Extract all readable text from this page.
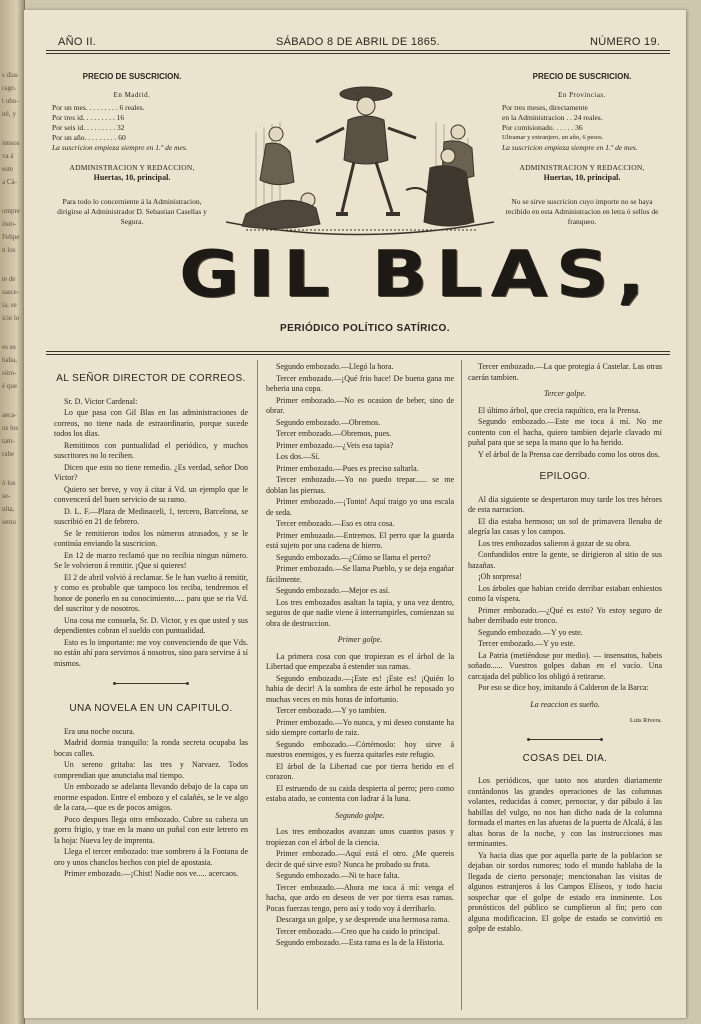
s dias
rago.
t uho-
tel, y
iensos
va á
este
a Cá-
ompre
iisto-
Felipe
n los
te de
sasce-
ia; se
icie lo
es su
haba,
sóro-
é que
aeca-
os los
tam-
rabe
ó los
se-
ulta,
iento
AÑO II.	SÁBADO 8 DE ABRIL DE 1865.	NÚMERO 19.
PRECIO DE SUSCRICION.
En Madrid.
Por un mes. . . . . . . . . 6 reales.
Por tres id. . . . . . . . . 16
Por seis id. . . . . . . . . 32
Por un año. . . . . . . . . 60
La suscricion empieza siempre en 1.º de mes.
ADMINISTRACION Y REDACCION,
Huertas, 10, principal.
Para todo lo concerniente á la Administracion, dirigirse al Administrador D. Sebastian Casellas y Segura.
PRECIO DE SUSCRICION.
En Provincias.
Por tres meses, directamente
en la Administracion . . 24 reales.
Por comisionado. . . . . . 36
Ultramar y extranjero, un año, 6 pesos.
La suscricion empieza siempre en 1.º de mes.
ADMINISTRACION Y REDACCION,
Huertas, 10, principal.
No se sirve suscricion cuyo importe no se haya recibido en esta Administracion en letra ó sellos de franqueo.
GIL BLAS,
PERIÓDICO POLÍTICO SATÍRICO.
AL SEÑOR DIRECTOR DE CORREOS.

Sr. D. Victor Cardenal:

Lo que pasa con Gil Blas en las administraciones de correos, no tiene nada de estraordinario, porque sucede todos los dias.

Remitimos con puntualidad el periódico, y muchos suscritores no lo reciben.

Dicen que esto no tiene remedio. ¿Es verdad, señor Don Victor?

Quiero ser breve, y voy á citar á Vd. un ejemplo que le convencerá del buen servicio de su ramo.

D. L. F.—Plaza de Medinaceli, 1, tercero, Barcelona, se suscribió en 21 de febrero.

Se le remitieron todos los números atrasados, y se le continúa enviando la suscricion.

En 12 de marzo reclamó que no recibia ningun número. Se le volvieron á remitir. ¡Que si quieres!

El 2 de abril volvió á reclamar. Se le han vuelto á remitir, y como es probable que tampoco los reciba, tendremos el honor de ponerlo en su conocimiento..... para que se ria Vd. del suscritor y de nosotros.

Una cosa me consuela, Sr. D. Victor, y es que usted y sus dependientes cobran el sueldo con puntualidad.

Esto es lo importante: me voy convenciendo de que Vds. no están ahí para servirnos á nosotros, sino para servirse á sí mismos.

UNA NOVELA EN UN CAPITULO.

Era una noche oscura.

Madrid dormia tranquilo: la ronda secreta ocupaba las bocas calles.

Un sereno gritaba: las tres y Narvaez. Todos comprendian que anunciaba mal tiempo.

Un embozado se adelanta llevando debajo de la capa un enorme espadon. Entre el embozo y el calañés, se le ve algo de la cara,—que es de pocos amigos.

Poco despues llega otro embozado. Cubre su cabeza un gorro frigio, y trae en la mano un puñal con este letrero en la hoja: Nueva ley de imprenta.

Llega el tercer embozado: trae sombrero á la Fontana de oro y unos chanclos hechos con piel de apostasia.

Primer embozado.—¡Chist! Nadie nos ve..... acercaos.

Segundo embozado.—Llegó la hora.

Tercer embozado.—¡Qué frio hace! De buena gana me beberia una copa.

Primer embozado.—No es ocasion de beber, sino de obrar.

Segundo embozado.—Obremos.

Tercer embozado.—Obremos, pues.

Primer embozado.—¿Veis esa tapia?

Los dos.—Sí.

Primer embozado.—Pues es preciso saltarla.

Tercer embozado.—Yo no puedo trepar...... se me doblan las piernas.

Primer embozado.—¡Tonto! Aquí traigo yo una escala de seda.

Tercer embozado.—Eso es otra cosa.

Primer embozado.—Entremos. El perro que la guarda está sujeto por una cadena de hierro.

Segundo embozado.—¿Cómo se llama el perro?

Primer embozado.—Se llama Pueblo, y se deja engañar fácilmente.

Segundo embozado.—Mejor es así.

Los tres embozados asaltan la tapia, y una vez dentro, seguros de que nadie viene á interrumpirles, comienzan su obra de destruccion.

Primer golpe.

La primera cosa con que tropiezan es el árbol de la Libertad que empezaba á estender sus ramas.

Segundo embozado.—¡Este es! ¡Este es! ¡Quién lo habia de decir! A la sombra de este árbol he reposado yo muchas veces en mis horas de infortunio.

Tercer embozado.—Y yo tambien.

Primer embozado.—Yo nunca, y mi deseo constante ha sido siempre cortarlo de raiz.

Segundo embozado.—Córtémoslo: hoy sirve á nuestros enemigos, y es fuerza quitarles este refugio.

El árbol de la Libertad cae por tierra herido en el corazon.

El estruendo de su caida despierta al perro; pero como estaba atado, se contenta con ladrar á la luna.

Segundo golpe.

Los tres embozados avanzan unos cuantos pasos y tropiezan con el árbol de la ciencia.

Primer embozado.—Aquí está el otro. ¿Me quereis decir de qué sirve esto? Nunca he probado su fruta.

Segundo embozado.—Ni te hace falta.

Tercer embozado.—Ahora me toca á mí: venga el hacha, que ardo en deseos de ver por tierra esas ramas. Pocas fuerzas tengo, pero así y todo voy á derribarlo.

Descarga un golpe, y se desprende una hermosa rama.

Tercer embozado.—Creo que ha caido lo principal.

Segundo embozado.—Esta rama es la de la Historia.

Tercer embozado.—La que protegia á Castelar. Las otras caerán tambien.

Tercer golpe.

El último árbol, que crecia raquítico, era la Prensa.

Segundo embozado.—Este me toca á mí. No me contento con el hacha, quiero tambien dejarle clavado mi puñal para que se sepa la mano que lo ha herido.

Y el árbol de la Prensa cae derribado como los otros dos.

EPILOGO.

Al dia siguiente se despertaron muy tarde los tres héroes de esta narracion.

El dia estaba hermoso; un sol de primavera llenaba de alegría las casas y los campos.

Los tres embozados salieron á gozar de su obra.

Confundidos entre la gente, se dirigieron al sitio de sus hazañas.

¡Oh sorpresa!

Los árboles que habian creido derribar estaban enhiestos como la víspera.

Primer embozado.—¿Qué es esto? Yo estoy seguro de haber derribado este tronco.

Segundo embozado.—Y yo este.

Tercer embozado.—Y yo este.

La Patria (metiéndose por medio). — insensatos, habeis soñado...... Vuestros golpes daban en el vacío. Una carcajada del público los obligó á retirarse.

Por eso se dice hoy, imitando á Calderon de la Barca:

La reaccion es sueño.
Luis Rivera.
COSAS DEL DIA.

Los periódicos, que tanto nos aturden diariamente contándonos las grandes operaciones de las columnas volantes, reducidas á comer, pernoctar, y dar pábulo á las habillas del vulgo, no nos han dicho nada de la columna formada el martes en las afueras de la puerta de Alcalá, á las altas horas de la noche, y con las instrucciones mas terminantes.

Ya hacia dias que por aquella parte de la poblacion se dejaban oir sordos rumores; todo el mundo hablaba de la llegada de cierto personaje; mencionaban las visitas de algunos estranjeros á los Campos Elíseos, y todo hacia sospechar que el golpe de estado era inminente. Los pronósticos del público se cumplieron al fin; pero con alguna modificacion. El golpe de estado se convirtió en golpe de establo.
